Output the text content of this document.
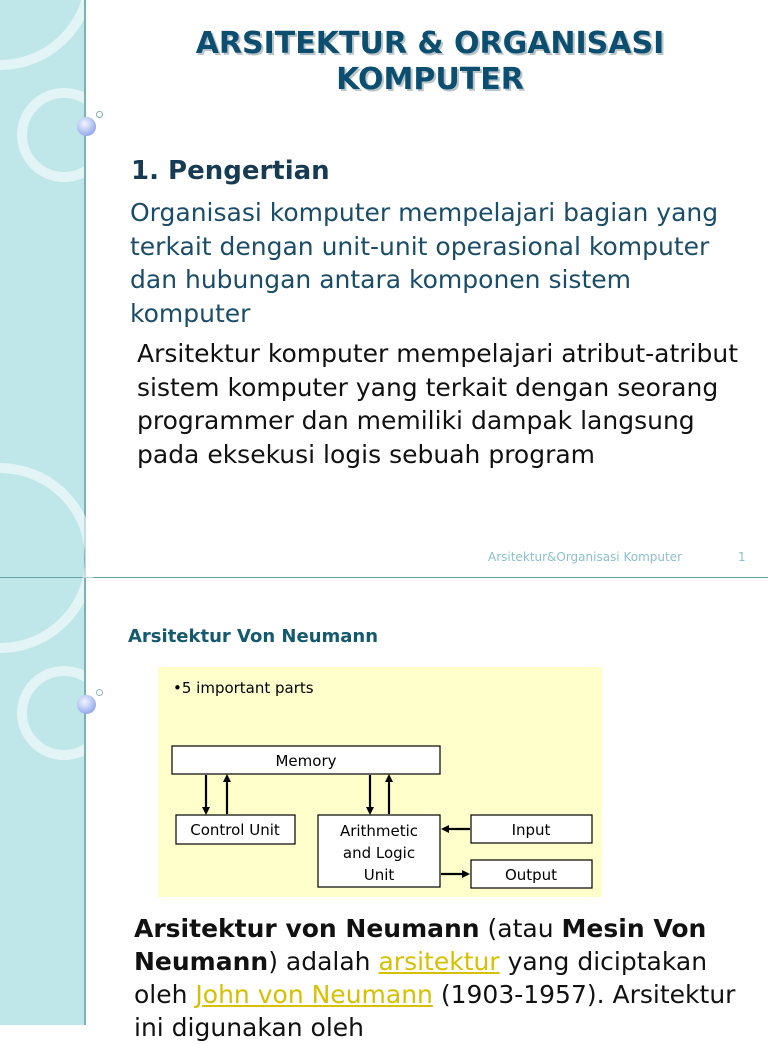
ARSITEKTUR & ORGANISASI
KOMPUTER
1. Pengertian

Organisasi komputer mempelajari bagian yang terkait dengan unit-unit operasional komputer dan hubungan antara komponen sistem komputer

Arsitektur komputer mempelajari atribut-atribut sistem komputer yang terkait dengan seorang programmer dan memiliki dampak langsung pada eksekusi logis sebuah program

Arsitektur&Organisasi Komputer	1
Arsitektur Von Neumann
•5 important parts
Memory
Control Unit	Arithmetic
and Logic
Unit
Input
Output

Arsitektur von Neumann (atau Mesin Von Neumann) adalah arsitektur yang diciptakan oleh John von Neumann (1903-1957). Arsitektur ini digunakan oleh
